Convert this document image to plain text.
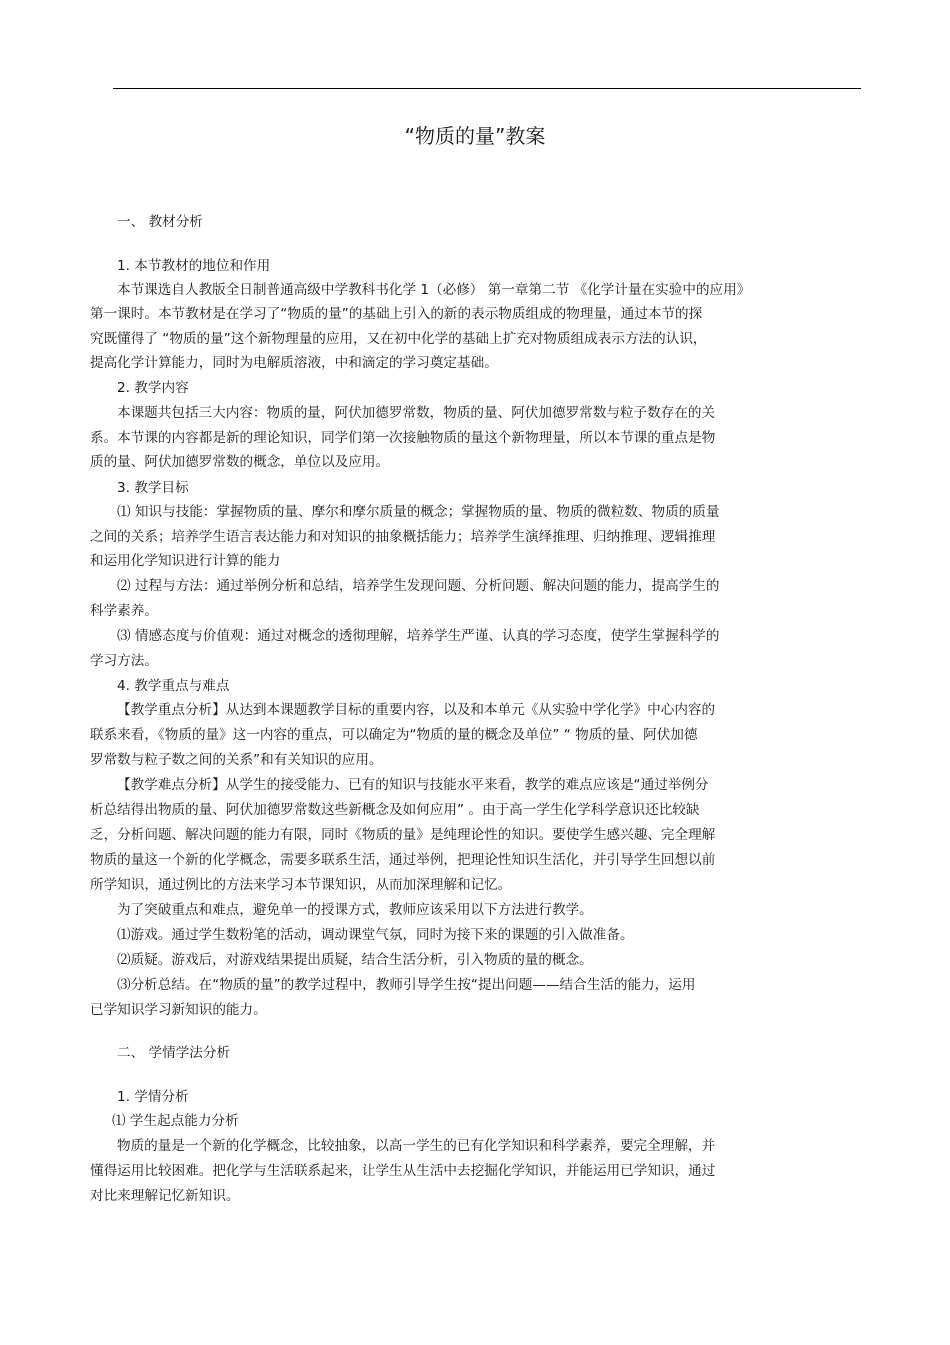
“物质的量”教案
一、 教材分析
1. 本节教材的地位和作用
本节课选自人教版全日制普通高级中学教科书化学 1（必修） 第一章第二节 《化学计量在实验中的应用》
第一课时。本节教材是在学习了“物质的量”的基础上引入的新的表示物质组成的物理量，通过本节的探
究既懂得了 “物质的量”这个新物理量的应用，又在初中化学的基础上扩充对物质组成表示方法的认识，
提高化学计算能力，同时为电解质溶液，中和滴定的学习奠定基础。
2. 教学内容
本课题共包括三大内容：物质的量，阿伏加德罗常数，物质的量、阿伏加德罗常数与粒子数存在的关
系。本节课的内容都是新的理论知识，同学们第一次接触物质的量这个新物理量，所以本节课的重点是物
质的量、阿伏加德罗常数的概念，单位以及应用。
3. 教学目标
⑴ 知识与技能：掌握物质的量、摩尔和摩尔质量的概念；掌握物质的量、物质的微粒数、物质的质量
之间的关系；培养学生语言表达能力和对知识的抽象概括能力；培养学生演绎推理、归纳推理、逻辑推理
和运用化学知识进行计算的能力
⑵ 过程与方法：通过举例分析和总结，培养学生发现问题、分析问题、解决问题的能力，提高学生的
科学素养。
⑶ 情感态度与价值观：通过对概念的透彻理解，培养学生严谨、认真的学习态度，使学生掌握科学的
学习方法。
4. 教学重点与难点
【教学重点分析】从达到本课题教学目标的重要内容，以及和本单元《从实验中学化学》中心内容的
联系来看，《物质的量》这一内容的重点，可以确定为“物质的量的概念及单位” “ 物质的量、阿伏加德
罗常数与粒子数之间的关系”和有关知识的应用。
【教学难点分析】从学生的接受能力、已有的知识与技能水平来看，教学的难点应该是“通过举例分
析总结得出物质的量、阿伏加德罗常数这些新概念及如何应用” 。由于高一学生化学科学意识还比较缺
乏，分析问题、解决问题的能力有限，同时《物质的量》是纯理论性的知识。要使学生感兴趣、完全理解
物质的量这一个新的化学概念，需要多联系生活，通过举例，把理论性知识生活化，并引导学生回想以前
所学知识，通过例比的方法来学习本节课知识，从而加深理解和记忆。
为了突破重点和难点，避免单一的授课方式，教师应该采用以下方法进行教学。
⑴游戏。通过学生数粉笔的活动，调动课堂气氛，同时为接下来的课题的引入做准备。
⑵质疑。游戏后，对游戏结果提出质疑，结合生活分析，引入物质的量的概念。
⑶分析总结。在“物质的量”的教学过程中，教师引导学生按“提出问题——结合生活的能力，运用
已学知识学习新知识的能力。
二、 学情学法分析
1. 学情分析
⑴ 学生起点能力分析
物质的量是一个新的化学概念，比较抽象，以高一学生的已有化学知识和科学素养，要完全理解，并
懂得运用比较困难。把化学与生活联系起来，让学生从生活中去挖掘化学知识，并能运用已学知识，通过
对比来理解记忆新知识。
